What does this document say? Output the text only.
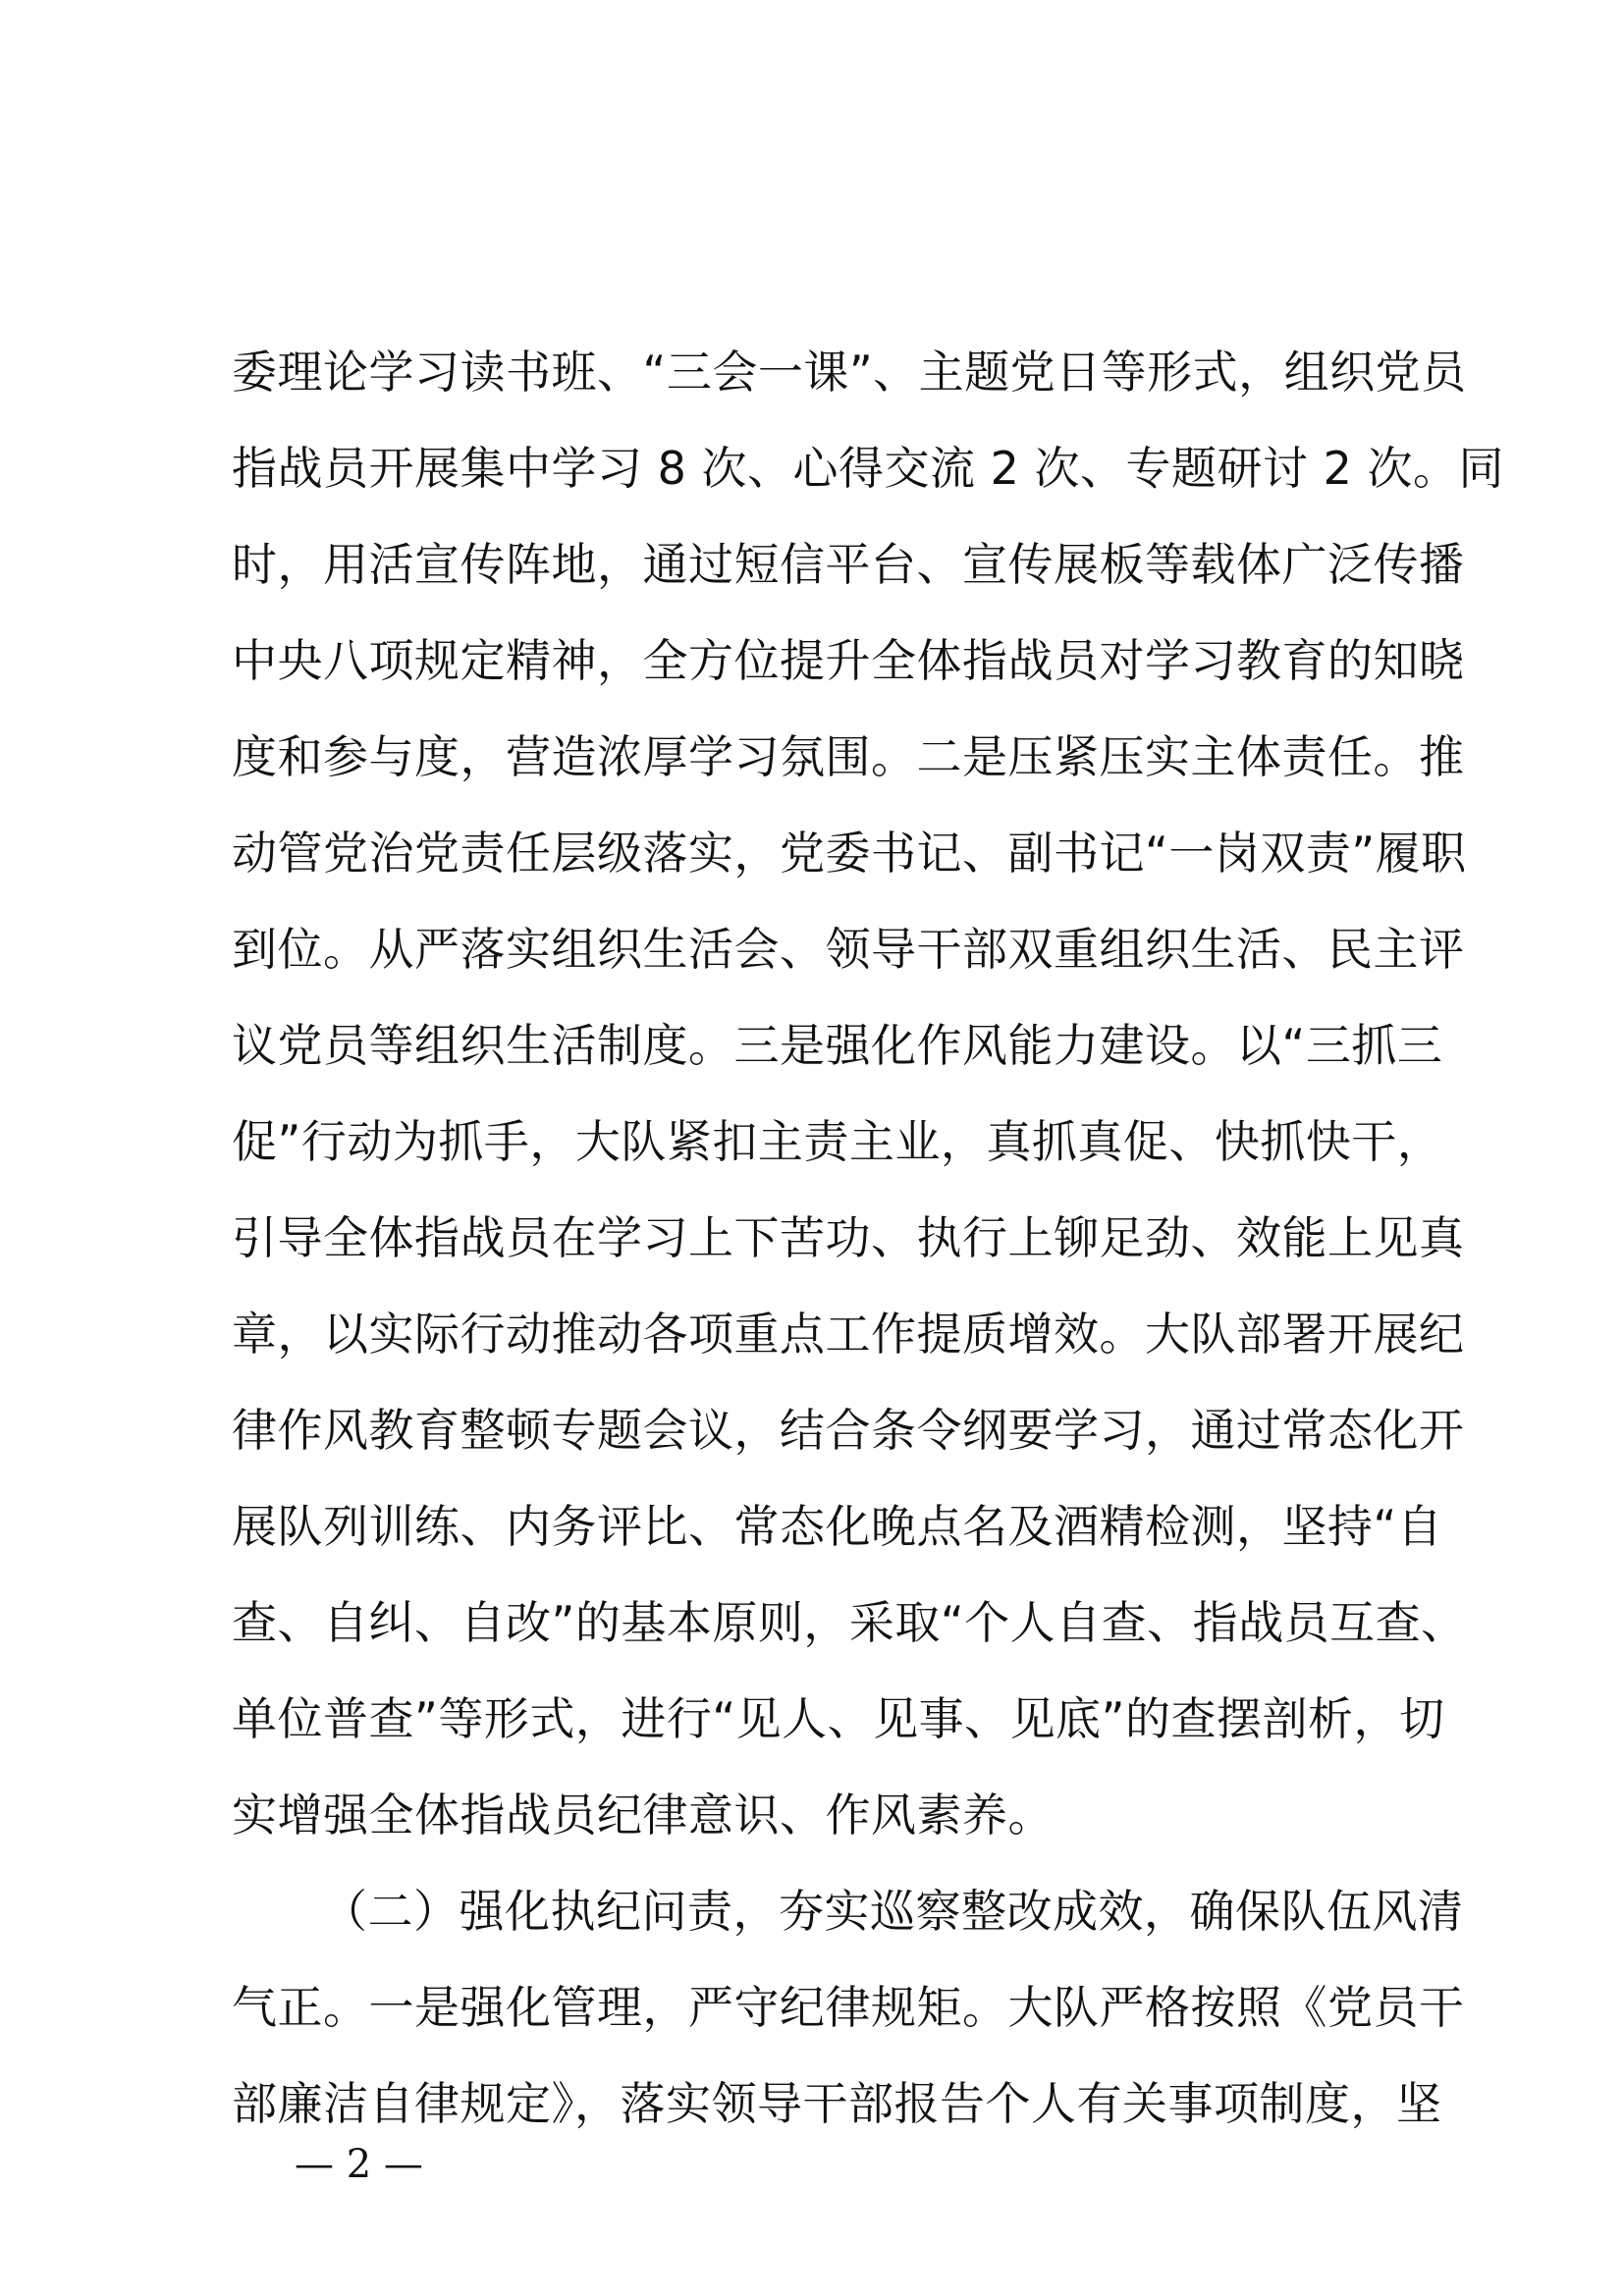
委理论学习读书班、“三会一课”、主题党日等形式，组织党员
指战员开展集中学习 8 次、心得交流 2 次、专题研讨 2 次。同
时，用活宣传阵地，通过短信平台、宣传展板等载体广泛传播
中央八项规定精神，全方位提升全体指战员对学习教育的知晓
度和参与度，营造浓厚学习氛围。二是压紧压实主体责任。推
动管党治党责任层级落实，党委书记、副书记“一岗双责”履职
到位。从严落实组织生活会、领导干部双重组织生活、民主评
议党员等组织生活制度。三是强化作风能力建设。以“三抓三
促”行动为抓手，大队紧扣主责主业，真抓真促、快抓快干，
引导全体指战员在学习上下苦功、执行上铆足劲、效能上见真
章，以实际行动推动各项重点工作提质增效。大队部署开展纪
律作风教育整顿专题会议，结合条令纲要学习，通过常态化开
展队列训练、内务评比、常态化晚点名及酒精检测，坚持“自
查、自纠、自改”的基本原则，采取“个人自查、指战员互查、
单位普查”等形式，进行“见人、见事、见底”的查摆剖析，切
实增强全体指战员纪律意识、作风素养。
（二）强化执纪问责，夯实巡察整改成效，确保队伍风清
气正。一是强化管理，严守纪律规矩。大队严格按照《党员干
部廉洁自律规定》，落实领导干部报告个人有关事项制度，坚
— 2 —
